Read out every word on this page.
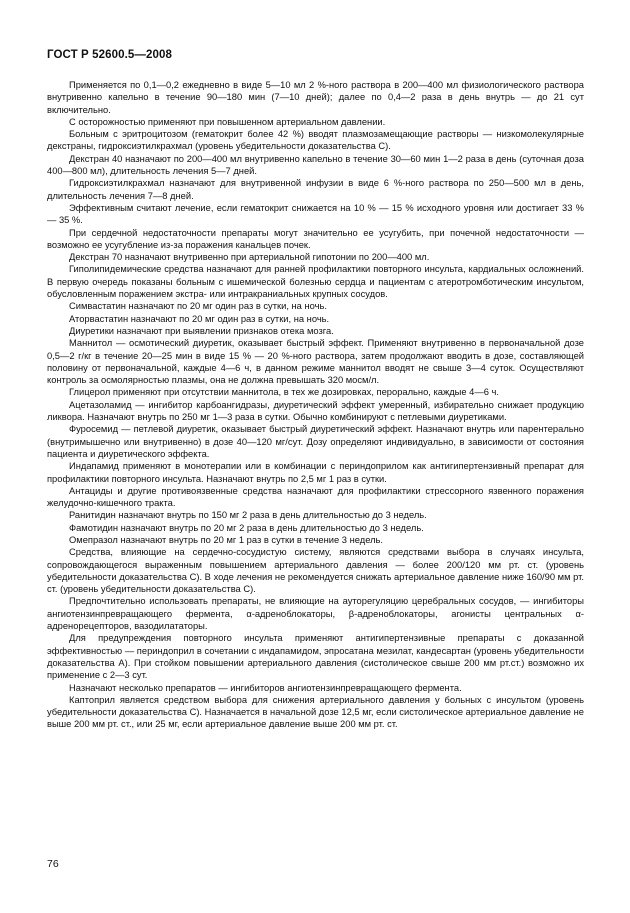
ГОСТ Р 52600.5—2008

Применяется по 0,1—0,2 ежедневно в виде 5—10 мл 2 %-ного раствора в 200—400 мл физиологического раствора внутривенно капельно в течение 90—180 мин (7—10 дней); далее по 0,4—2 раза в день внутрь — до 21 сут включительно.

С осторожностью применяют при повышенном артериальном давлении.

Больным с эритроцитозом (гематокрит более 42 %) вводят плазмозамещающие растворы — низкомолекулярные декстраны, гидроксиэтилкрахмал (уровень убедительности доказательства С).

Декстран 40 назначают по 200—400 мл внутривенно капельно в течение 30—60 мин 1—2 раза в день (суточная доза 400—800 мл), длительность лечения 5—7 дней.

Гидроксиэтилкрахмал назначают для внутривенной инфузии в виде 6 %-ного раствора по 250—500 мл в день, длительность лечения 7—8 дней.

Эффективным считают лечение, если гематокрит снижается на 10 % — 15 % исходного уровня или достигает 33 % — 35 %.

При сердечной недостаточности препараты могут значительно ее усугубить, при почечной недостаточности — возможно ее усугубление из-за поражения канальцев почек.

Декстран 70 назначают внутривенно при артериальной гипотонии по 200—400 мл.

Гиполипидемические средства назначают для ранней профилактики повторного инсульта, кардиальных осложнений. В первую очередь показаны больным с ишемической болезнью сердца и пациентам с атеротромботическим инсультом, обусловленным поражением экстра- или интракраниальных крупных сосудов.

Симвастатин назначают по 20 мг один раз в сутки, на ночь.

Аторвастатин назначают по 20 мг один раз в сутки, на ночь.

Диуретики назначают при выявлении признаков отека мозга.

Маннитол — осмотический диуретик, оказывает быстрый эффект. Применяют внутривенно в первоначальной дозе 0,5—2 г/кг в течение 20—25 мин в виде 15 % — 20 %-ного раствора, затем продолжают вводить в дозе, составляющей половину от первоначальной, каждые 4—6 ч, в данном режиме маннитол вводят не свыше 3—4 суток. Осуществляют контроль за осмолярностью плазмы, она не должна превышать 320 мосм/л.

Глицерол применяют при отсутствии маннитола, в тех же дозировках, перорально, каждые 4—6 ч.

Ацетазоламид — ингибитор карбоангидразы, диуретический эффект умеренный, избирательно снижает продукцию ликвора. Назначают внутрь по 250 мг 1—3 раза в сутки. Обычно комбинируют с петлевыми диуретиками.

Фуросемид — петлевой диуретик, оказывает быстрый диуретический эффект. Назначают внутрь или парентерально (внутримышечно или внутривенно) в дозе 40—120 мг/сут. Дозу определяют индивидуально, в зависимости от состояния пациента и диуретического эффекта.

Индапамид применяют в монотерапии или в комбинации с периндоприлом как антигипертензивный препарат для профилактики повторного инсульта. Назначают внутрь по 2,5 мг 1 раз в сутки.

Антациды и другие противоязвенные средства назначают для профилактики стрессорного язвенного поражения желудочно-кишечного тракта.

Ранитидин назначают внутрь по 150 мг 2 раза в день длительностью до 3 недель.

Фамотидин назначают внутрь по 20 мг 2 раза в день длительностью до 3 недель.

Омепразол назначают внутрь по 20 мг 1 раз в сутки в течение 3 недель.

Средства, влияющие на сердечно-сосудистую систему, являются средствами выбора в случаях инсульта, сопровождающегося выраженным повышением артериального давления — более 200/120 мм рт. ст. (уровень убедительности доказательства С). В ходе лечения не рекомендуется снижать артериальное давление ниже 160/90 мм рт. ст. (уровень убедительности доказательства С).

Предпочтительно использовать препараты, не влияющие на ауторегуляцию церебральных сосудов, — ингибиторы ангиотензинпревращающего фермента, α-адреноблокаторы, β-адреноблокаторы, агонисты центральных α-адренорецепторов, вазодилататоры.

Для предупреждения повторного инсульта применяют антигипертензивные препараты с доказанной эффективностью — периндоприл в сочетании с индапамидом, эпросатана мезилат, кандесартан (уровень убедительности доказательства А). При стойком повышении артериального давления (систолическое свыше 200 мм рт.ст.) возможно их применение с 2—3 сут.

Назначают несколько препаратов — ингибиторов ангиотензинпревращающего фермента.

Каптоприл является средством выбора для снижения артериального давления у больных с инсультом (уровень убедительности доказательства С). Назначается в начальной дозе 12,5 мг, если систолическое артериальное давление не выше 200 мм рт. ст., или 25 мг, если артериальное давление выше 200 мм рт. ст.

76
